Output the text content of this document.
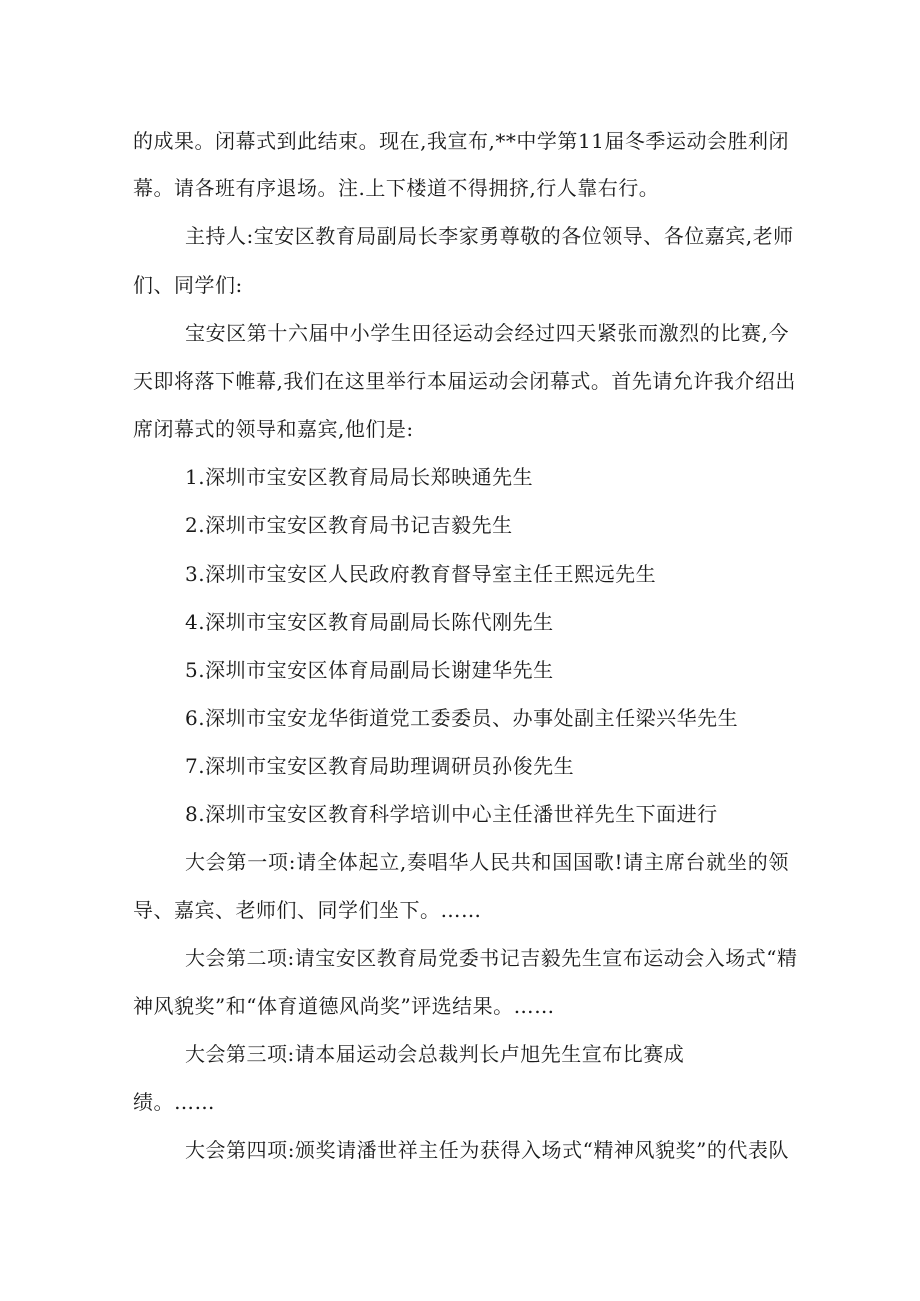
的成果。闭幕式到此结束。现在,我宣布,**中学第11届冬季运动会胜利闭
幕。请各班有序退场。注.上下楼道不得拥挤,行人靠右行。
主持人:宝安区教育局副局长李家勇尊敬的各位领导、各位嘉宾,老师
们、同学们:
宝安区第十六届中小学生田径运动会经过四天紧张而激烈的比赛,今
天即将落下帷幕,我们在这里举行本届运动会闭幕式。首先请允许我介绍出
席闭幕式的领导和嘉宾,他们是:
1.深圳市宝安区教育局局长郑映通先生
2.深圳市宝安区教育局书记吉毅先生
3.深圳市宝安区人民政府教育督导室主任王熙远先生
4.深圳市宝安区教育局副局长陈代刚先生
5.深圳市宝安区体育局副局长谢建华先生
6.深圳市宝安龙华街道党工委委员、办事处副主任梁兴华先生
7.深圳市宝安区教育局助理调研员孙俊先生
8.深圳市宝安区教育科学培训中心主任潘世祥先生下面进行
大会第一项:请全体起立,奏唱华人民共和国国歌!请主席台就坐的领
导、嘉宾、老师们、同学们坐下。……
大会第二项:请宝安区教育局党委书记吉毅先生宣布运动会入场式“精
神风貌奖”和“体育道德风尚奖”评选结果。……
大会第三项:请本届运动会总裁判长卢旭先生宣布比赛成
绩。……
大会第四项:颁奖请潘世祥主任为获得入场式“精神风貌奖”的代表队
